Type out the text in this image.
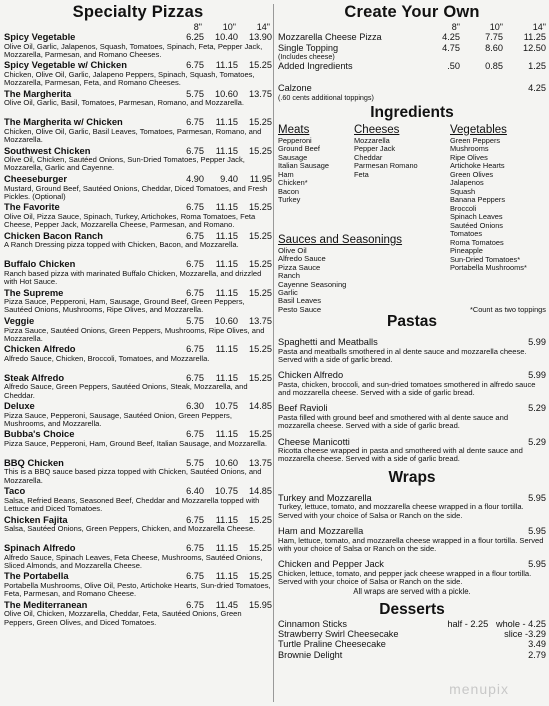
Specialty Pizzas
8"	10"	14"
Spicy Vegetable	6.25	10.40	13.90
Olive Oil, Garlic, Jalapenos, Squash, Tomatoes, Spinach, Feta, Pepper Jack, Mozzarella, Parmesan, and Romano Cheeses.
Spicy Vegetable w/ Chicken	6.75	11.15	15.25
Chicken, Olive Oil, Garlic, Jalapeno Peppers, Spinach, Squash, Tomatoes, Mozzarella, Parmesan, Feta, and Romano Cheeses.
The Margherita	5.75	10.60	13.75
Olive Oil, Garlic, Basil, Tomatoes, Parmesan, Romano, and Mozzarella.
The Margherita w/ Chicken	6.75	11.15	15.25
Chicken, Olive Oil, Garlic, Basil Leaves, Tomatoes, Parmesan, Romano, and Mozzarella.
Southwest Chicken	6.75	11.15	15.25
Olive Oil, Chicken, Sautéed Onions, Sun-Dried Tomatoes, Pepper Jack, Mozzarella, Garlic and Cayenne.
Cheeseburger	4.90	9.40	11.95
Mustard, Ground Beef, Sautéed Onions, Cheddar, Diced Tomatoes, and Fresh Pickles. (Optional)
The Favorite	6.75	11.15	15.25
Olive Oil, Pizza Sauce, Spinach, Turkey, Artichokes, Roma Tomatoes, Feta Cheese, Pepper Jack, Mozzarella Cheese, Parmesan, and Romano.
Chicken Bacon Ranch	6.75	11.15	15.25
A Ranch Dressing pizza topped with Chicken, Bacon, and Mozzarella.
Buffalo Chicken	6.75	11.15	15.25
Ranch based pizza with marinated Buffalo Chicken, Mozzarella, and drizzled with Hot Sauce.
The Supreme	6.75	11.15	15.25
Pizza Sauce, Pepperoni, Ham, Sausage, Ground Beef, Green Peppers, Sautéed Onions, Mushrooms, Ripe Olives, and Mozzarella.
Veggie	5.75	10.60	13.75
Pizza Sauce, Sautéed Onions, Green Peppers, Mushrooms, Ripe Olives, and Mozzarella.
Chicken Alfredo	6.75	11.15	15.25
Alfredo Sauce, Chicken, Broccoli, Tomatoes, and Mozzarella.
Steak Alfredo	6.75	11.15	15.25
Alfredo Sauce, Green Peppers, Sautéed Onions, Steak, Mozzarella, and Cheddar.
Deluxe	6.30	10.75	14.85
Pizza Sauce, Pepperoni, Sausage, Sautéed Onion, Green Peppers, Mushrooms, and Mozzarella.
Bubba's Choice	6.75	11.15	15.25
Pizza Sauce, Pepperoni, Ham, Ground Beef, Italian Sausage, and Mozzarella.
BBQ Chicken	5.75	10.60	13.75
This is a BBQ sauce based pizza topped with Chicken, Sautéed Onions, and Mozzarella.
Taco	6.40	10.75	14.85
Salsa, Refried Beans, Seasoned Beef, Cheddar and Mozzarella topped with Lettuce and Diced Tomatoes.
Chicken Fajita	6.75	11.15	15.25
Salsa, Sautéed Onions, Green Peppers, Chicken, and Mozzarella Cheese.
Spinach Alfredo	6.75	11.15	15.25
Alfredo Sauce, Spinach Leaves, Feta Cheese, Mushrooms, Sautéed Onions, Sliced Almonds, and Mozzarella Cheese.
The Portabella	6.75	11.15	15.25
Portabella Mushrooms, Olive Oil, Pesto, Artichoke Hearts, Sun-dried Tomatoes, Feta, Parmesan, and Romano Cheese.
The Mediterranean	6.75	11.45	15.95
Olive Oil, Chicken, Mozzarella, Cheddar, Feta, Sautéed Onions, Green Peppers, Green Olives, and Diced Tomatoes.
Create Your Own
8"	10"	14"
Mozzarella Cheese Pizza	4.25	7.75	11.25
Single Topping	4.75	8.60	12.50
(Includes cheese)
Added Ingredients	.50	0.85	1.25
Calzone	4.25
(.60 cents additional toppings)
Ingredients
Meats
Pepperoni
Ground Beef
Sausage
Italian Sausage
Ham
Chicken*
Bacon
Turkey
Cheeses
Mozzarella
Pepper Jack
Cheddar
Parmesan Romano
Feta
Vegetables
Green Peppers
Mushrooms
Ripe Olives
Artichoke Hearts
Green Olives
Jalapenos
Squash
Banana Peppers
Broccoli
Spinach Leaves
Sautéed Onions
Tomatoes
Roma Tomatoes
Pineapple
Sun-Dried Tomatoes*
Portabella Mushrooms*
Sauces and Seasonings
Olive Oil
Alfredo Sauce
Pizza Sauce
Ranch
Cayenne Seasoning
Garlic
Basil Leaves
Pesto Sauce	*Count as two toppings
Pastas
Spaghetti and Meatballs	5.99
Pasta and meatballs smothered in al dente sauce and mozzarella cheese. Served with a side of garlic bread.
Chicken Alfredo	5.99
Pasta, chicken, broccoli, and sun-dried tomatoes smothered in alfredo sauce and mozzarella cheese. Served with a side of garlic bread.
Beef Ravioli	5.29
Pasta filled with ground beef and smothered with al dente sauce and mozzarella cheese. Served with a side of garlic bread.
Cheese Manicotti	5.29
Ricotta cheese wrapped in pasta and smothered with al dente sauce and mozzarella cheese. Served with a side of garlic bread.
Wraps
Turkey and Mozzarella	5.95
Turkey, lettuce, tomato, and mozzarella cheese wrapped in a flour tortilla. Served with your choice of Salsa or Ranch on the side.
Ham and Mozzarella	5.95
Ham, lettuce, tomato, and mozzarella cheese wrapped in a flour tortilla. Served with your choice of Salsa or Ranch on the side.
Chicken and Pepper Jack	5.95
Chicken, lettuce, tomato, and pepper jack cheese wrapped in a flour tortilla. Served with your choice of Salsa or Ranch on the side.
All wraps are served with a pickle.
Desserts
Cinnamon Sticks	half - 2.25   whole - 4.25
Strawberry Swirl Cheesecake	slice -3.29
Turtle Praline Cheesecake	3.49
Brownie Delight	2.79
menupix
